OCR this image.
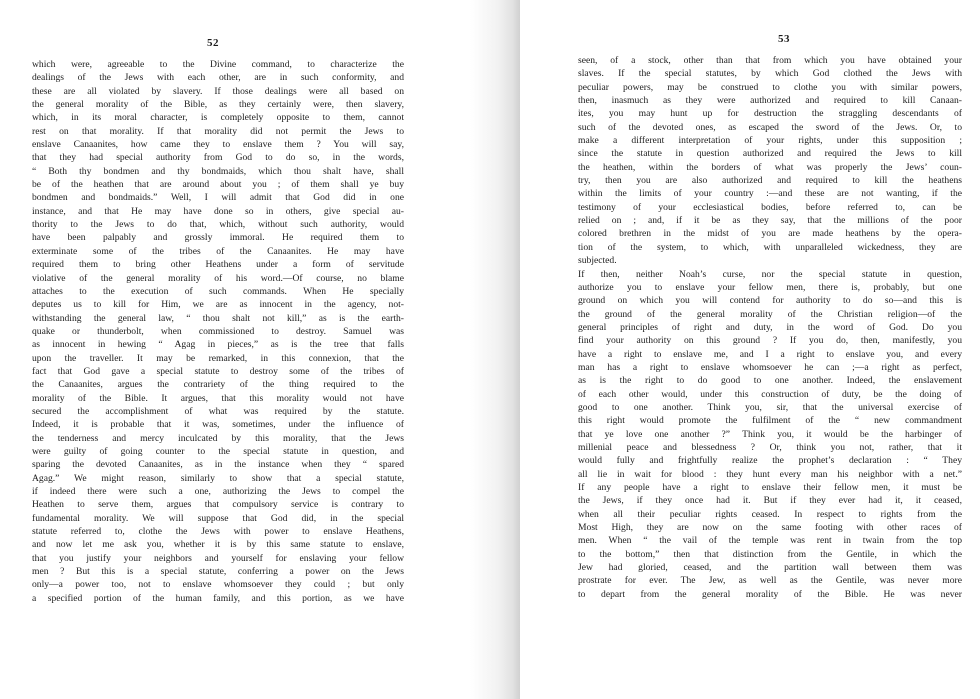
52
which were, agreeable to the Divine command, to characterize the
dealings of the Jews with each other, are in such conformity, and
these are all violated by slavery. If those dealings were all based on
the general morality of the Bible, as they certainly were, then slavery,
which, in its moral character, is completely opposite to them, cannot
rest on that morality. If that morality did not permit the Jews to
enslave Canaanites, how came they to enslave them ? You will say,
that they had special authority from God to do so, in the words,
“ Both thy bondmen and thy bondmaids, which thou shalt have, shall
be of the heathen that are around about you ; of them shall ye buy
bondmen and bondmaids.” Well, I will admit that God did in one
instance, and that He may have done so in others, give special au-
thority to the Jews to do that, which, without such authority, would
have been palpably and grossly immoral. He required them to
exterminate some of the tribes of the Canaanites. He may have
required them to bring other Heathens under a form of servitude
violative of the general morality of his word.—Of course, no blame
attaches to the execution of such commands. When He specially
deputes us to kill for Him, we are as innocent in the agency, not-
withstanding the general law, “ thou shalt not kill,” as is the earth-
quake or thunderbolt, when commissioned to destroy. Samuel was
as innocent in hewing “ Agag in pieces,” as is the tree that falls
upon the traveller. It may be remarked, in this connexion, that the
fact that God gave a special statute to destroy some of the tribes of
the Canaanites, argues the contrariety of the thing required to the
morality of the Bible. It argues, that this morality would not have
secured the accomplishment of what was required by the statute.
Indeed, it is probable that it was, sometimes, under the influence of
the tenderness and mercy inculcated by this morality, that the Jews
were guilty of going counter to the special statute in question, and
sparing the devoted Canaanites, as in the instance when they “ spared
Agag.” We might reason, similarly to show that a special statute,
if indeed there were such a one, authorizing the Jews to compel the
Heathen to serve them, argues that compulsory service is contrary to
fundamental morality. We will suppose that God did, in the special
statute referred to, clothe the Jews with power to enslave Heathens,
and now let me ask you, whether it is by this same statute to enslave,
that you justify your neighbors and yourself for enslaving your fellow
men ? But this is a special statute, conferring a power on the Jews
only—a power too, not to enslave whomsoever they could ; but only
a specified portion of the human family, and this portion, as we have
53
seen, of a stock, other than that from which you have obtained your
slaves. If the special statutes, by which God clothed the Jews with
peculiar powers, may be construed to clothe you with similar powers,
then, inasmuch as they were authorized and required to kill Canaan-
ites, you may hunt up for destruction the straggling descendants of
such of the devoted ones, as escaped the sword of the Jews. Or, to
make a different interpretation of your rights, under this supposition ;
since the statute in question authorized and required the Jews to kill
the heathen, within the borders of what was properly the Jews’ coun-
try, then you are also authorized and required to kill the heathens
within the limits of your country :—and these are not wanting, if the
testimony of your ecclesiastical bodies, before referred to, can be
relied on ; and, if it be as they say, that the millions of the poor
colored brethren in the midst of you are made heathens by the opera-
tion of the system, to which, with unparalleled wickedness, they are
subjected.
If then, neither Noah’s curse, nor the special statute in question,
authorize you to enslave your fellow men, there is, probably, but one
ground on which you will contend for authority to do so—and this is
the ground of the general morality of the Christian religion—of the
general principles of right and duty, in the word of God. Do you
find your authority on this ground ? If you do, then, manifestly, you
have a right to enslave me, and I a right to enslave you, and every
man has a right to enslave whomsoever he can ;—a right as perfect,
as is the right to do good to one another. Indeed, the enslavement
of each other would, under this construction of duty, be the doing of
good to one another. Think you, sir, that the universal exercise of
this right would promote the fulfilment of the “ new commandment
that ye love one another ?” Think you, it would be the harbinger of
millenial peace and blessedness ? Or, think you not, rather, that it
would fully and frightfully realize the prophet’s declaration : “ They
all lie in wait for blood : they hunt every man his neighbor with a net.”
If any people have a right to enslave their fellow men, it must be
the Jews, if they once had it. But if they ever had it, it ceased,
when all their peculiar rights ceased. In respect to rights from the
Most High, they are now on the same footing with other races of
men. When “ the vail of the temple was rent in twain from the top
to the bottom,” then that distinction from the Gentile, in which the
Jew had gloried, ceased, and the partition wall between them was
prostrate for ever. The Jew, as well as the Gentile, was never more
to depart from the general morality of the Bible. He was never
